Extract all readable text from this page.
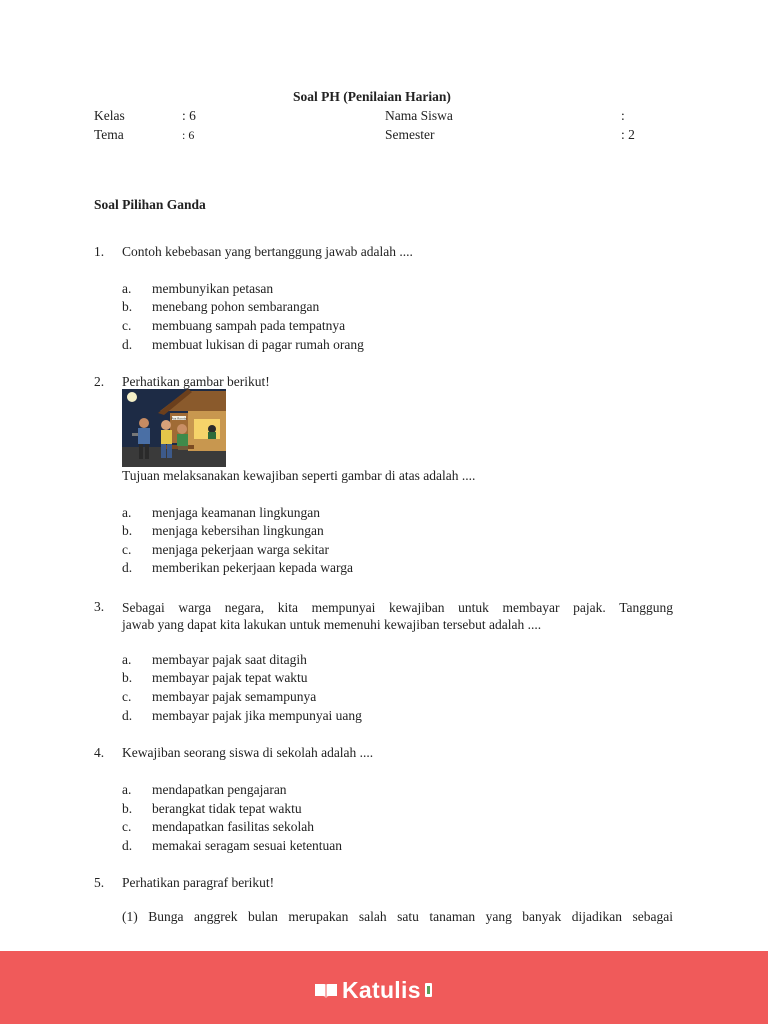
Soal PH (Penilaian Harian)
Kelas	: 6	Nama Siswa	:
Tema	: 6	Semester	: 2
Soal Pilihan Ganda
1. Contoh kebebasan yang bertanggung jawab adalah ....
a. membunyikan petasan
b. menebang pohon sembarangan
c. membuang sampah pada tempatnya
d. membuat lukisan di pagar rumah orang
2. Perhatikan gambar berikut!
Pos Ronda
Tujuan melaksanakan kewajiban seperti gambar di atas adalah ....
a. menjaga keamanan lingkungan
b. menjaga kebersihan lingkungan
c. menjaga pekerjaan warga sekitar
d. memberikan pekerjaan kepada warga
3. Sebagai warga negara, kita mempunyai kewajiban untuk membayar pajak. Tanggung
jawab yang dapat kita lakukan untuk memenuhi kewajiban tersebut adalah ....
a. membayar pajak saat ditagih
b. membayar pajak tepat waktu
c. membayar pajak semampunya
d. membayar pajak jika mempunyai uang
4. Kewajiban seorang siswa di sekolah adalah ....
a. mendapatkan pengajaran
b. berangkat tidak tepat waktu
c. mendapatkan fasilitas sekolah
d. memakai seragam sesuai ketentuan
5. Perhatikan paragraf berikut!
(1) Bunga anggrek bulan merupakan salah satu tanaman yang banyak dijadikan sebagai
Katulis
